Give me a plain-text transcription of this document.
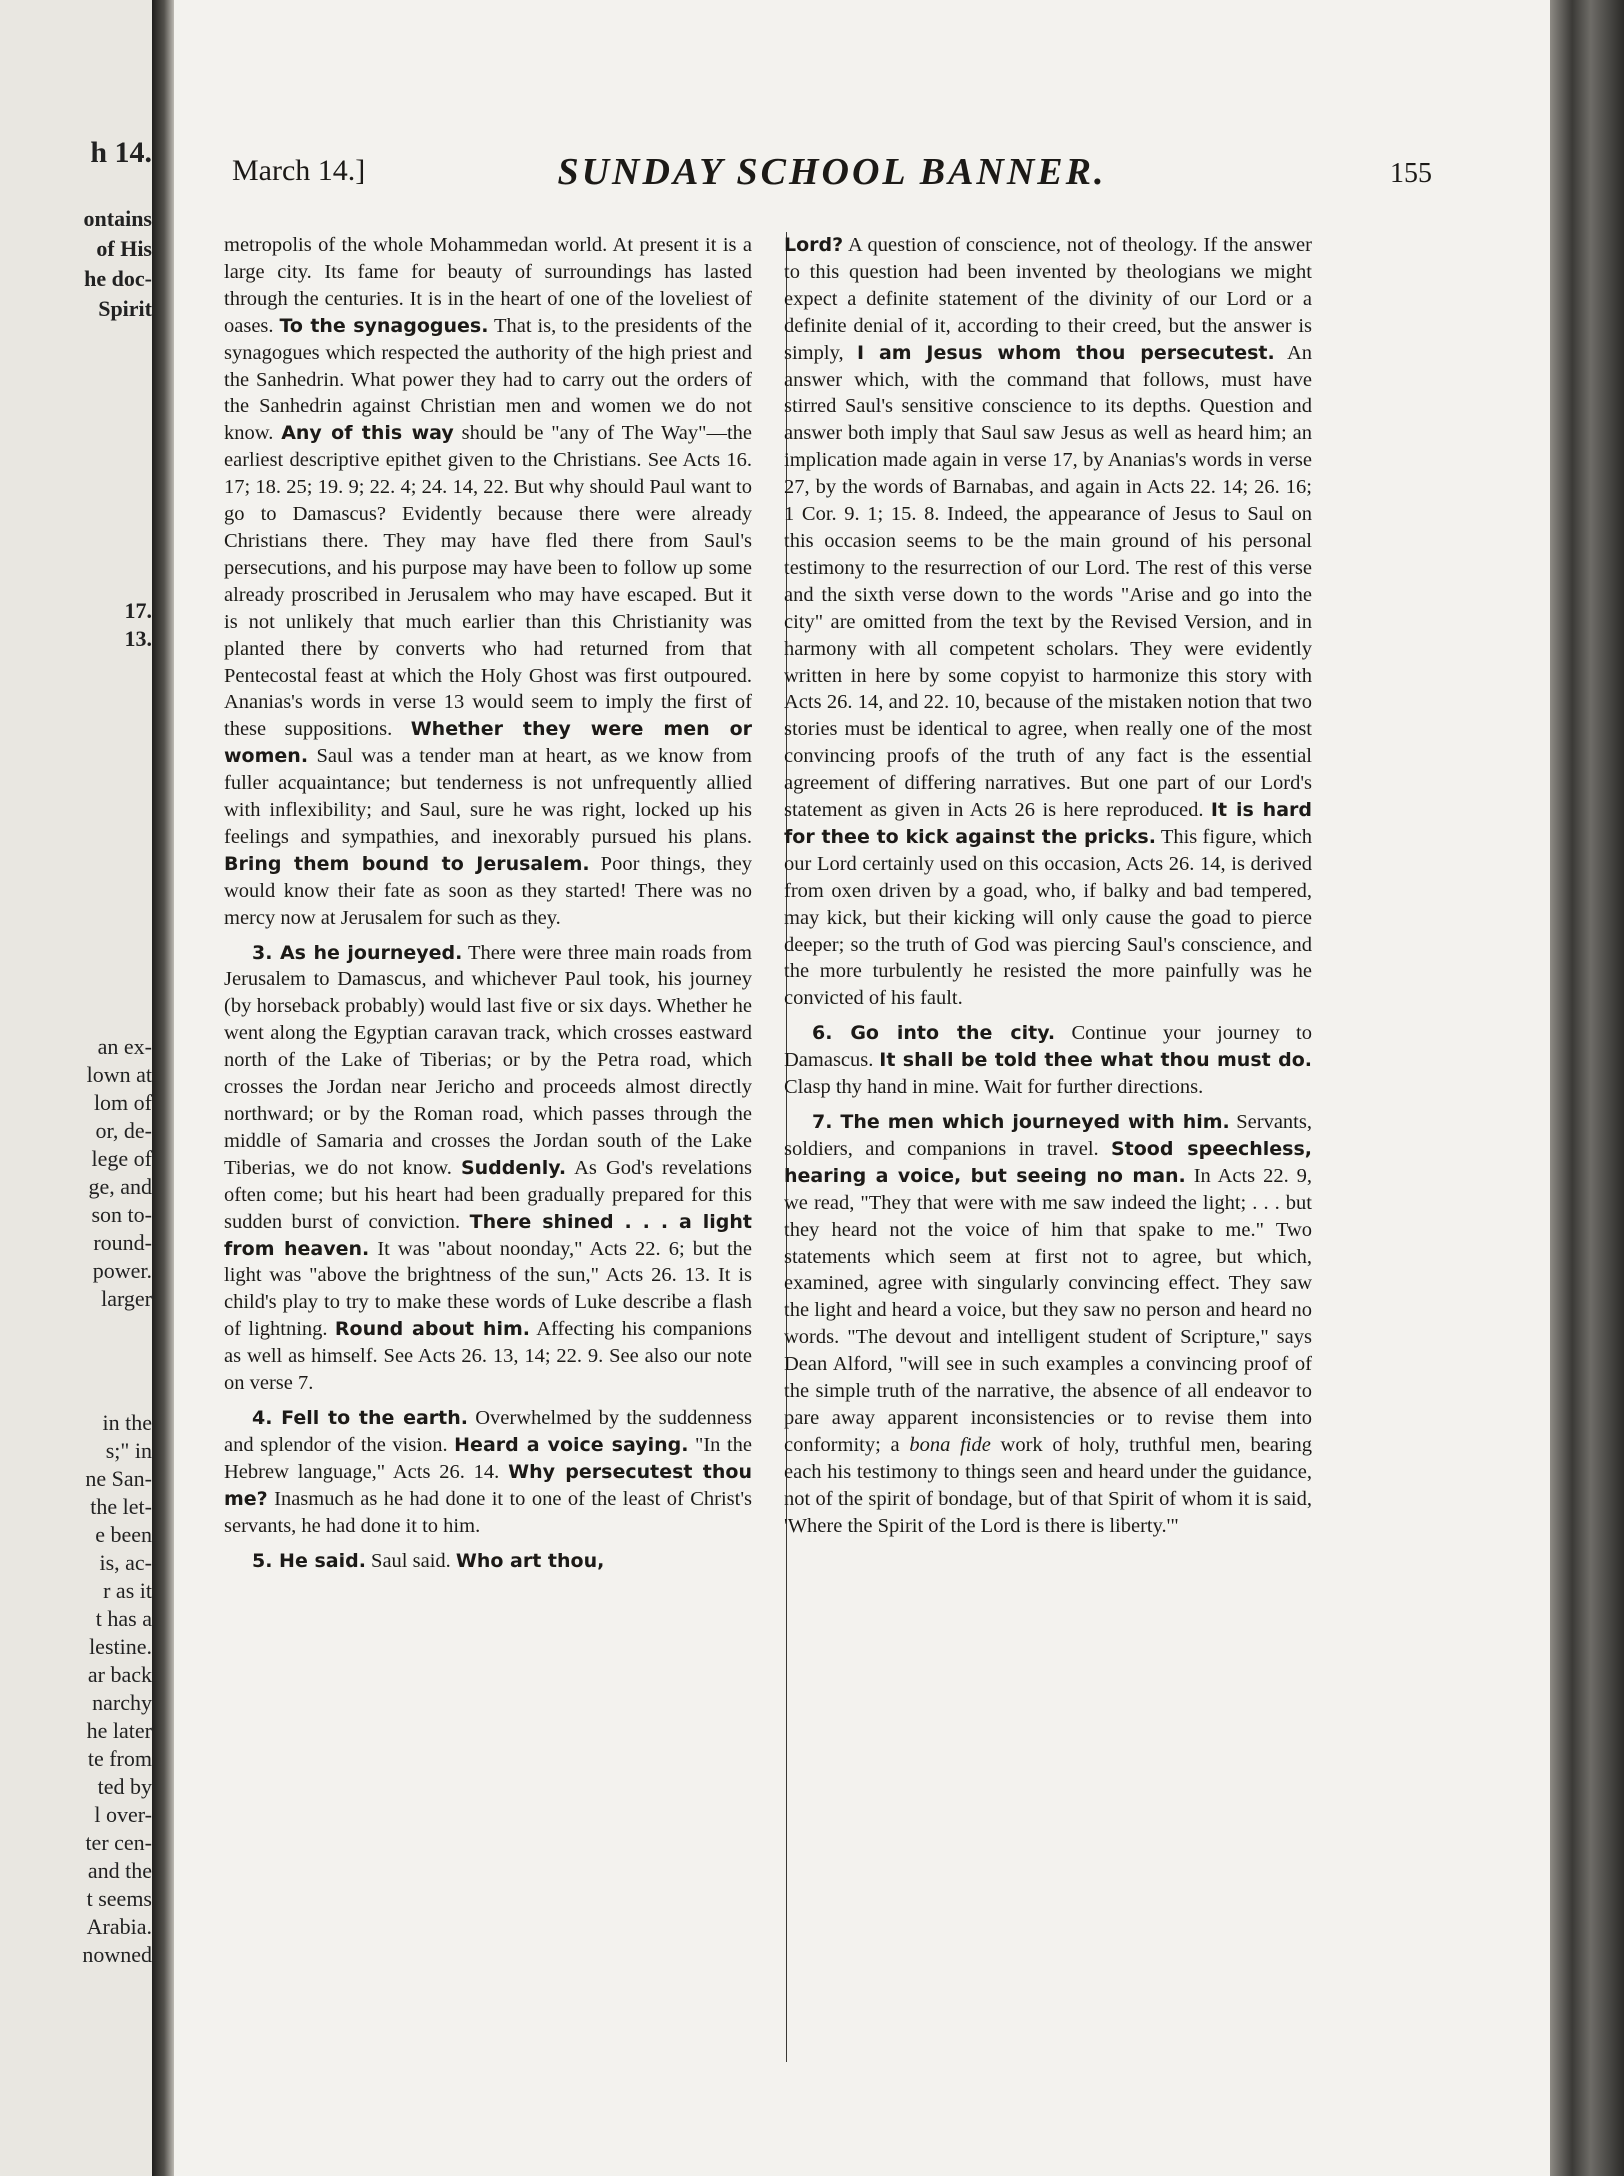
h 14.
ontains
of His
he doc-
Spirit
17.
13.
an ex-
lown at
lom of
or, de-
lege of
ge, and
son to-
round-
power.
larger
in the
s;" in
ne San-
the let-
e been
is, ac-
r as it
t has a
lestine.
ar back
narchy
he later
te from
ted by
l over-
ter cen-
and the
t seems
Arabia.
nowned
March 14.]	SUNDAY SCHOOL BANNER.	155

metropolis of the whole Mohammedan world. At present it is a large city. Its fame for beauty of surroundings has lasted through the centuries. It is in the heart of one of the loveliest of oases. To the synagogues. That is, to the presidents of the synagogues which respected the authority of the high priest and the Sanhedrin. What power they had to carry out the orders of the Sanhedrin against Christian men and women we do not know. Any of this way should be "any of The Way"—the earliest descriptive epithet given to the Christians. See Acts 16. 17; 18. 25; 19. 9; 22. 4; 24. 14, 22. But why should Paul want to go to Damascus? Evidently because there were already Christians there. They may have fled there from Saul's persecutions, and his purpose may have been to follow up some already proscribed in Jerusalem who may have escaped. But it is not unlikely that much earlier than this Christianity was planted there by converts who had returned from that Pentecostal feast at which the Holy Ghost was first outpoured. Ananias's words in verse 13 would seem to imply the first of these suppositions. Whether they were men or women. Saul was a tender man at heart, as we know from fuller acquaintance; but tenderness is not unfrequently allied with inflexibility; and Saul, sure he was right, locked up his feelings and sympathies, and inexorably pursued his plans. Bring them bound to Jerusalem. Poor things, they would know their fate as soon as they started! There was no mercy now at Jerusalem for such as they.

3. As he journeyed. There were three main roads from Jerusalem to Damascus, and whichever Paul took, his journey (by horseback probably) would last five or six days. Whether he went along the Egyptian caravan track, which crosses eastward north of the Lake of Tiberias; or by the Petra road, which crosses the Jordan near Jericho and proceeds almost directly northward; or by the Roman road, which passes through the middle of Samaria and crosses the Jordan south of the Lake Tiberias, we do not know. Suddenly. As God's revelations often come; but his heart had been gradually prepared for this sudden burst of conviction. There shined . . . a light from heaven. It was "about noonday," Acts 22. 6; but the light was "above the brightness of the sun," Acts 26. 13. It is child's play to try to make these words of Luke describe a flash of lightning. Round about him. Affecting his companions as well as himself. See Acts 26. 13, 14; 22. 9. See also our note on verse 7.

4. Fell to the earth. Overwhelmed by the suddenness and splendor of the vision. Heard a voice saying. "In the Hebrew language," Acts 26. 14. Why persecutest thou me? Inasmuch as he had done it to one of the least of Christ's servants, he had done it to him.

5. He said. Saul said. Who art thou,

Lord? A question of conscience, not of theology. If the answer to this question had been invented by theologians we might expect a definite statement of the divinity of our Lord or a definite denial of it, according to their creed, but the answer is simply, I am Jesus whom thou persecutest. An answer which, with the command that follows, must have stirred Saul's sensitive conscience to its depths. Question and answer both imply that Saul saw Jesus as well as heard him; an implication made again in verse 17, by Ananias's words in verse 27, by the words of Barnabas, and again in Acts 22. 14; 26. 16; 1 Cor. 9. 1; 15. 8. Indeed, the appearance of Jesus to Saul on this occasion seems to be the main ground of his personal testimony to the resurrection of our Lord. The rest of this verse and the sixth verse down to the words "Arise and go into the city" are omitted from the text by the Revised Version, and in harmony with all competent scholars. They were evidently written in here by some copyist to harmonize this story with Acts 26. 14, and 22. 10, because of the mistaken notion that two stories must be identical to agree, when really one of the most convincing proofs of the truth of any fact is the essential agreement of differing narratives. But one part of our Lord's statement as given in Acts 26 is here reproduced. It is hard for thee to kick against the pricks. This figure, which our Lord certainly used on this occasion, Acts 26. 14, is derived from oxen driven by a goad, who, if balky and bad tempered, may kick, but their kicking will only cause the goad to pierce deeper; so the truth of God was piercing Saul's conscience, and the more turbulently he resisted the more painfully was he convicted of his fault.

6. Go into the city. Continue your journey to Damascus. It shall be told thee what thou must do. Clasp thy hand in mine. Wait for further directions.

7. The men which journeyed with him. Servants, soldiers, and companions in travel. Stood speechless, hearing a voice, but seeing no man. In Acts 22. 9, we read, "They that were with me saw indeed the light; . . . but they heard not the voice of him that spake to me." Two statements which seem at first not to agree, but which, examined, agree with singularly convincing effect. They saw the light and heard a voice, but they saw no person and heard no words. "The devout and intelligent student of Scripture," says Dean Alford, "will see in such examples a convincing proof of the simple truth of the narrative, the absence of all endeavor to pare away apparent inconsistencies or to revise them into conformity; a bona fide work of holy, truthful men, bearing each his testimony to things seen and heard under the guidance, not of the spirit of bondage, but of that Spirit of whom it is said, 'Where the Spirit of the Lord is there is liberty.'"
